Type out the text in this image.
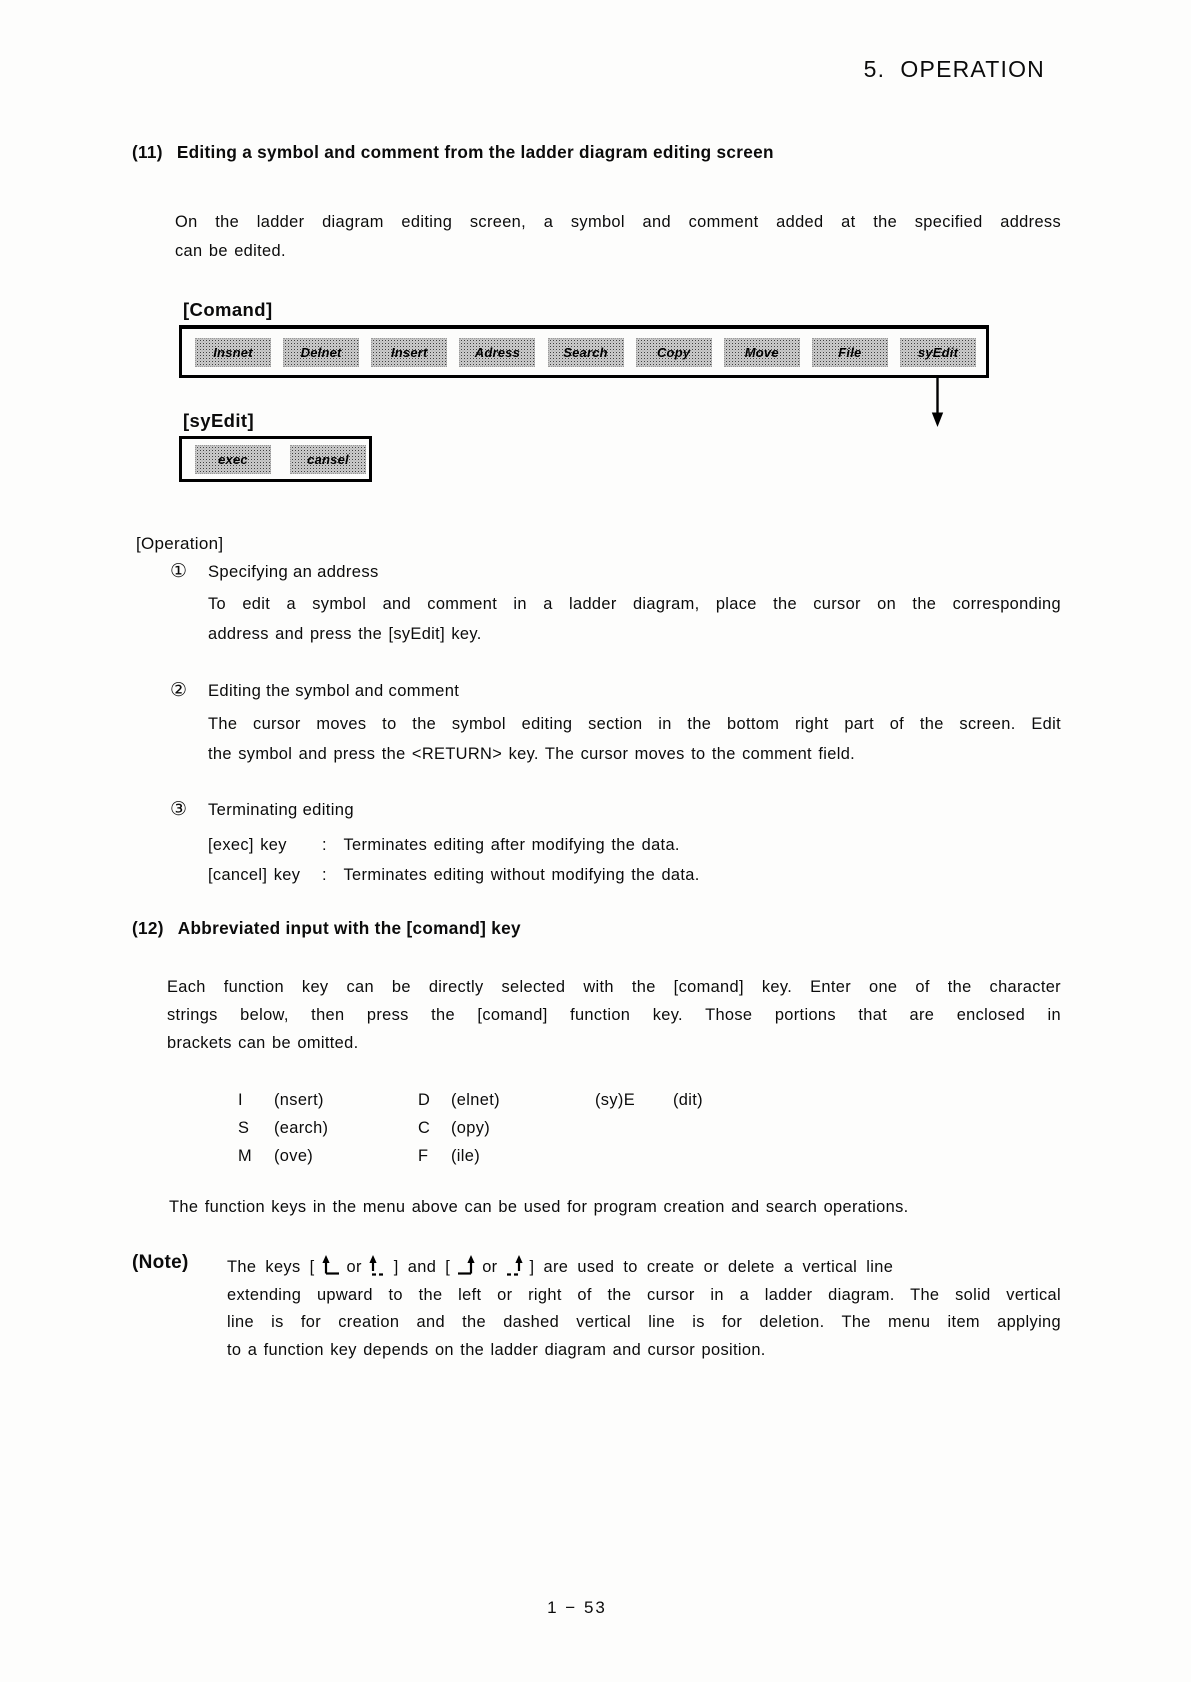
5.  OPERATION
(11) Editing a symbol and comment from the ladder diagram editing screen
On the ladder diagram editing screen, a symbol and comment added at the specified address
can be edited.
[Comand]
Insnet	Delnet	Insert	Adress	Search	Copy	Move	File	syEdit
[syEdit]
exec	cansel
[Operation]
① Specifying an address
To edit a symbol and comment in a ladder diagram, place the cursor on the corresponding
address and press the [syEdit] key.
② Editing the symbol and comment
The cursor moves to the symbol editing section in the bottom right part of the screen. Edit
the symbol and press the <RETURN> key. The cursor moves to the comment field.
③ Terminating editing
[exec] key : Terminates editing after modifying the data.
[cancel] key : Terminates editing without modifying the data.
(12) Abbreviated input with the [comand] key
Each function key can be directly selected with the [comand] key. Enter one of the character
strings below, then press the [comand] function key. Those portions that are enclosed in
brackets can be omitted.
I	(nsert)	D	(elnet)	(sy)E	(dit)
S	(earch)	C	(opy)
M	(ove)	F	(ile)
The function keys in the menu above can be used for program creation and search operations.
(Note) The keys [ or ] and [ or ] are used to create or delete a vertical line
extending upward to the left or right of the cursor in a ladder diagram. The solid vertical
line is for creation and the dashed vertical line is for deletion. The menu item applying
to a function key depends on the ladder diagram and cursor position.
1 − 53
